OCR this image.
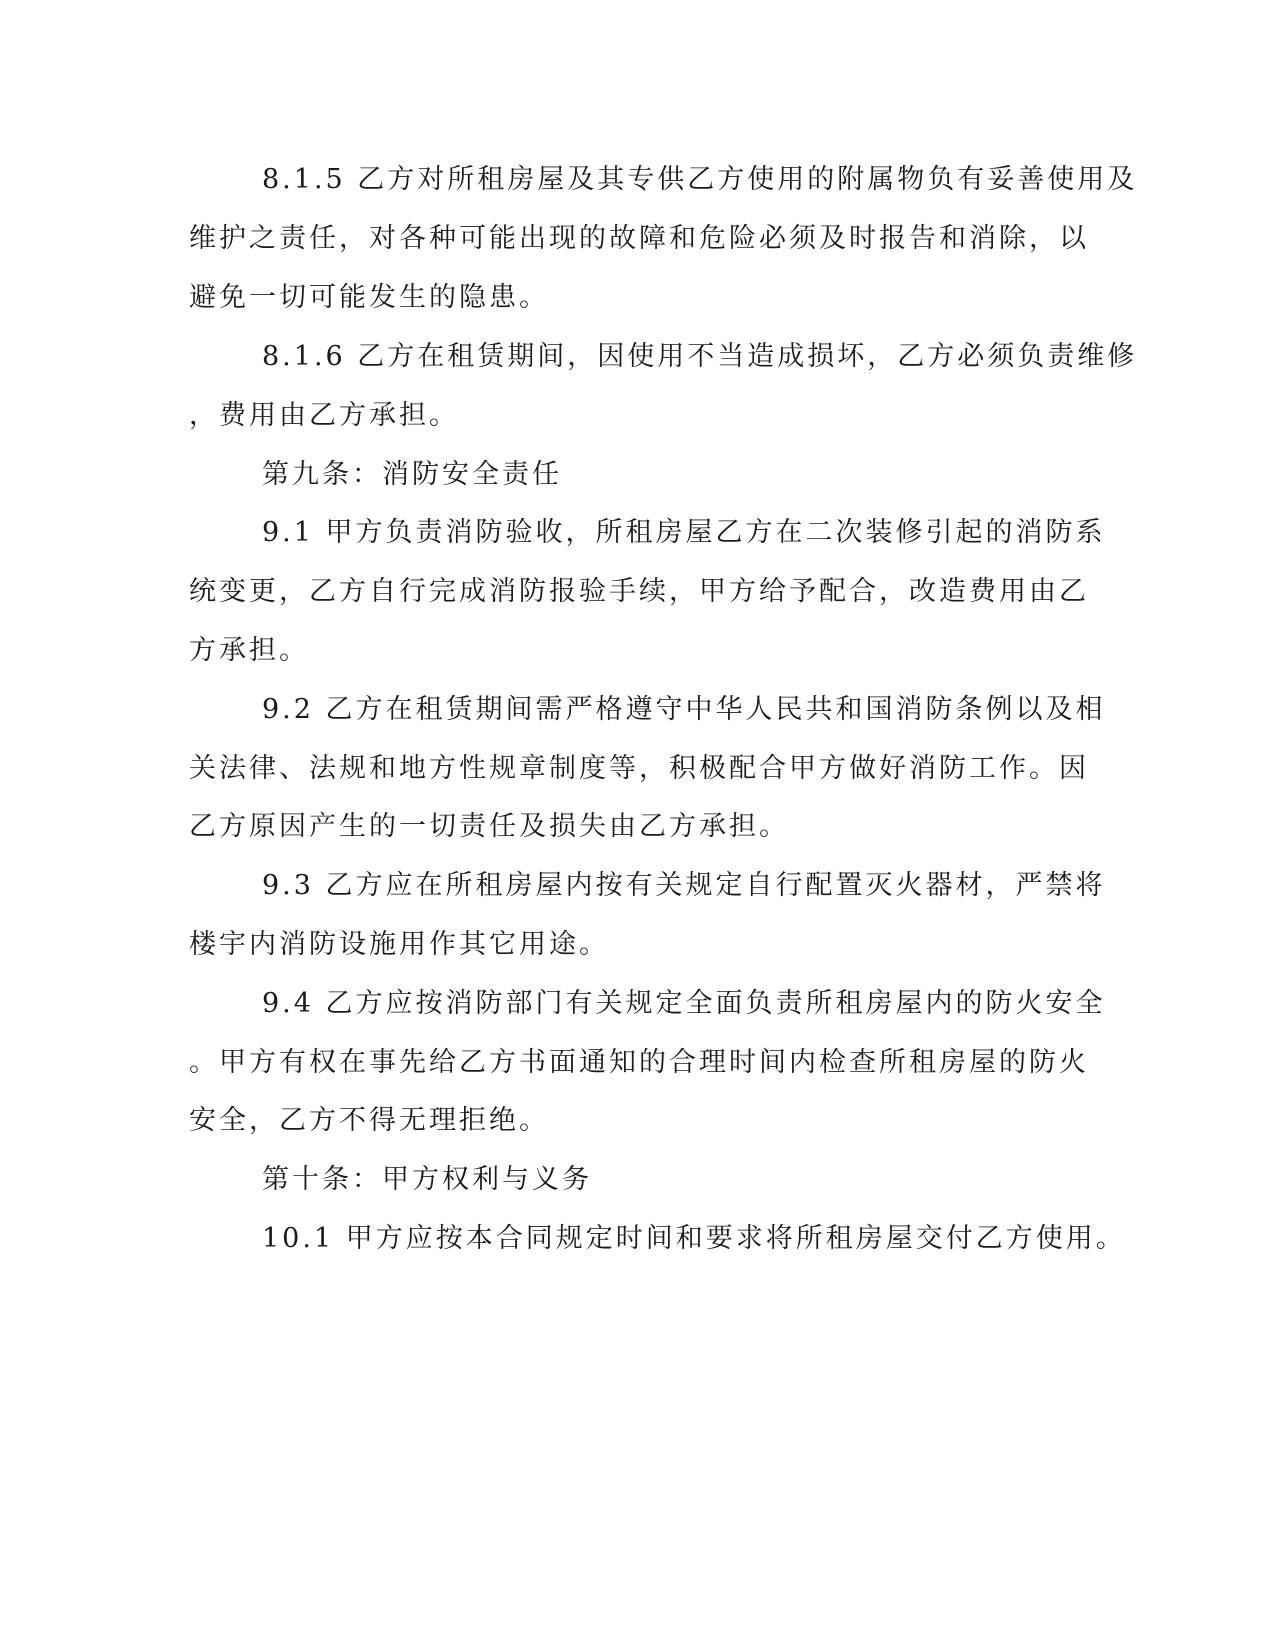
8.1.5 乙方对所租房屋及其专供乙方使用的附属物负有妥善使用及

维护之责任，对各种可能出现的故障和危险必须及时报告和消除，以

避免一切可能发生的隐患。

8.1.6 乙方在租赁期间，因使用不当造成损坏，乙方必须负责维修

，费用由乙方承担。

第九条：消防安全责任

9.1 甲方负责消防验收，所租房屋乙方在二次装修引起的消防系

统变更，乙方自行完成消防报验手续，甲方给予配合，改造费用由乙

方承担。

9.2 乙方在租赁期间需严格遵守中华人民共和国消防条例以及相

关法律、法规和地方性规章制度等，积极配合甲方做好消防工作。因

乙方原因产生的一切责任及损失由乙方承担。

9.3 乙方应在所租房屋内按有关规定自行配置灭火器材，严禁将

楼宇内消防设施用作其它用途。

9.4 乙方应按消防部门有关规定全面负责所租房屋内的防火安全

。甲方有权在事先给乙方书面通知的合理时间内检查所租房屋的防火

安全，乙方不得无理拒绝。

第十条：甲方权利与义务

10.1 甲方应按本合同规定时间和要求将所租房屋交付乙方使用。
